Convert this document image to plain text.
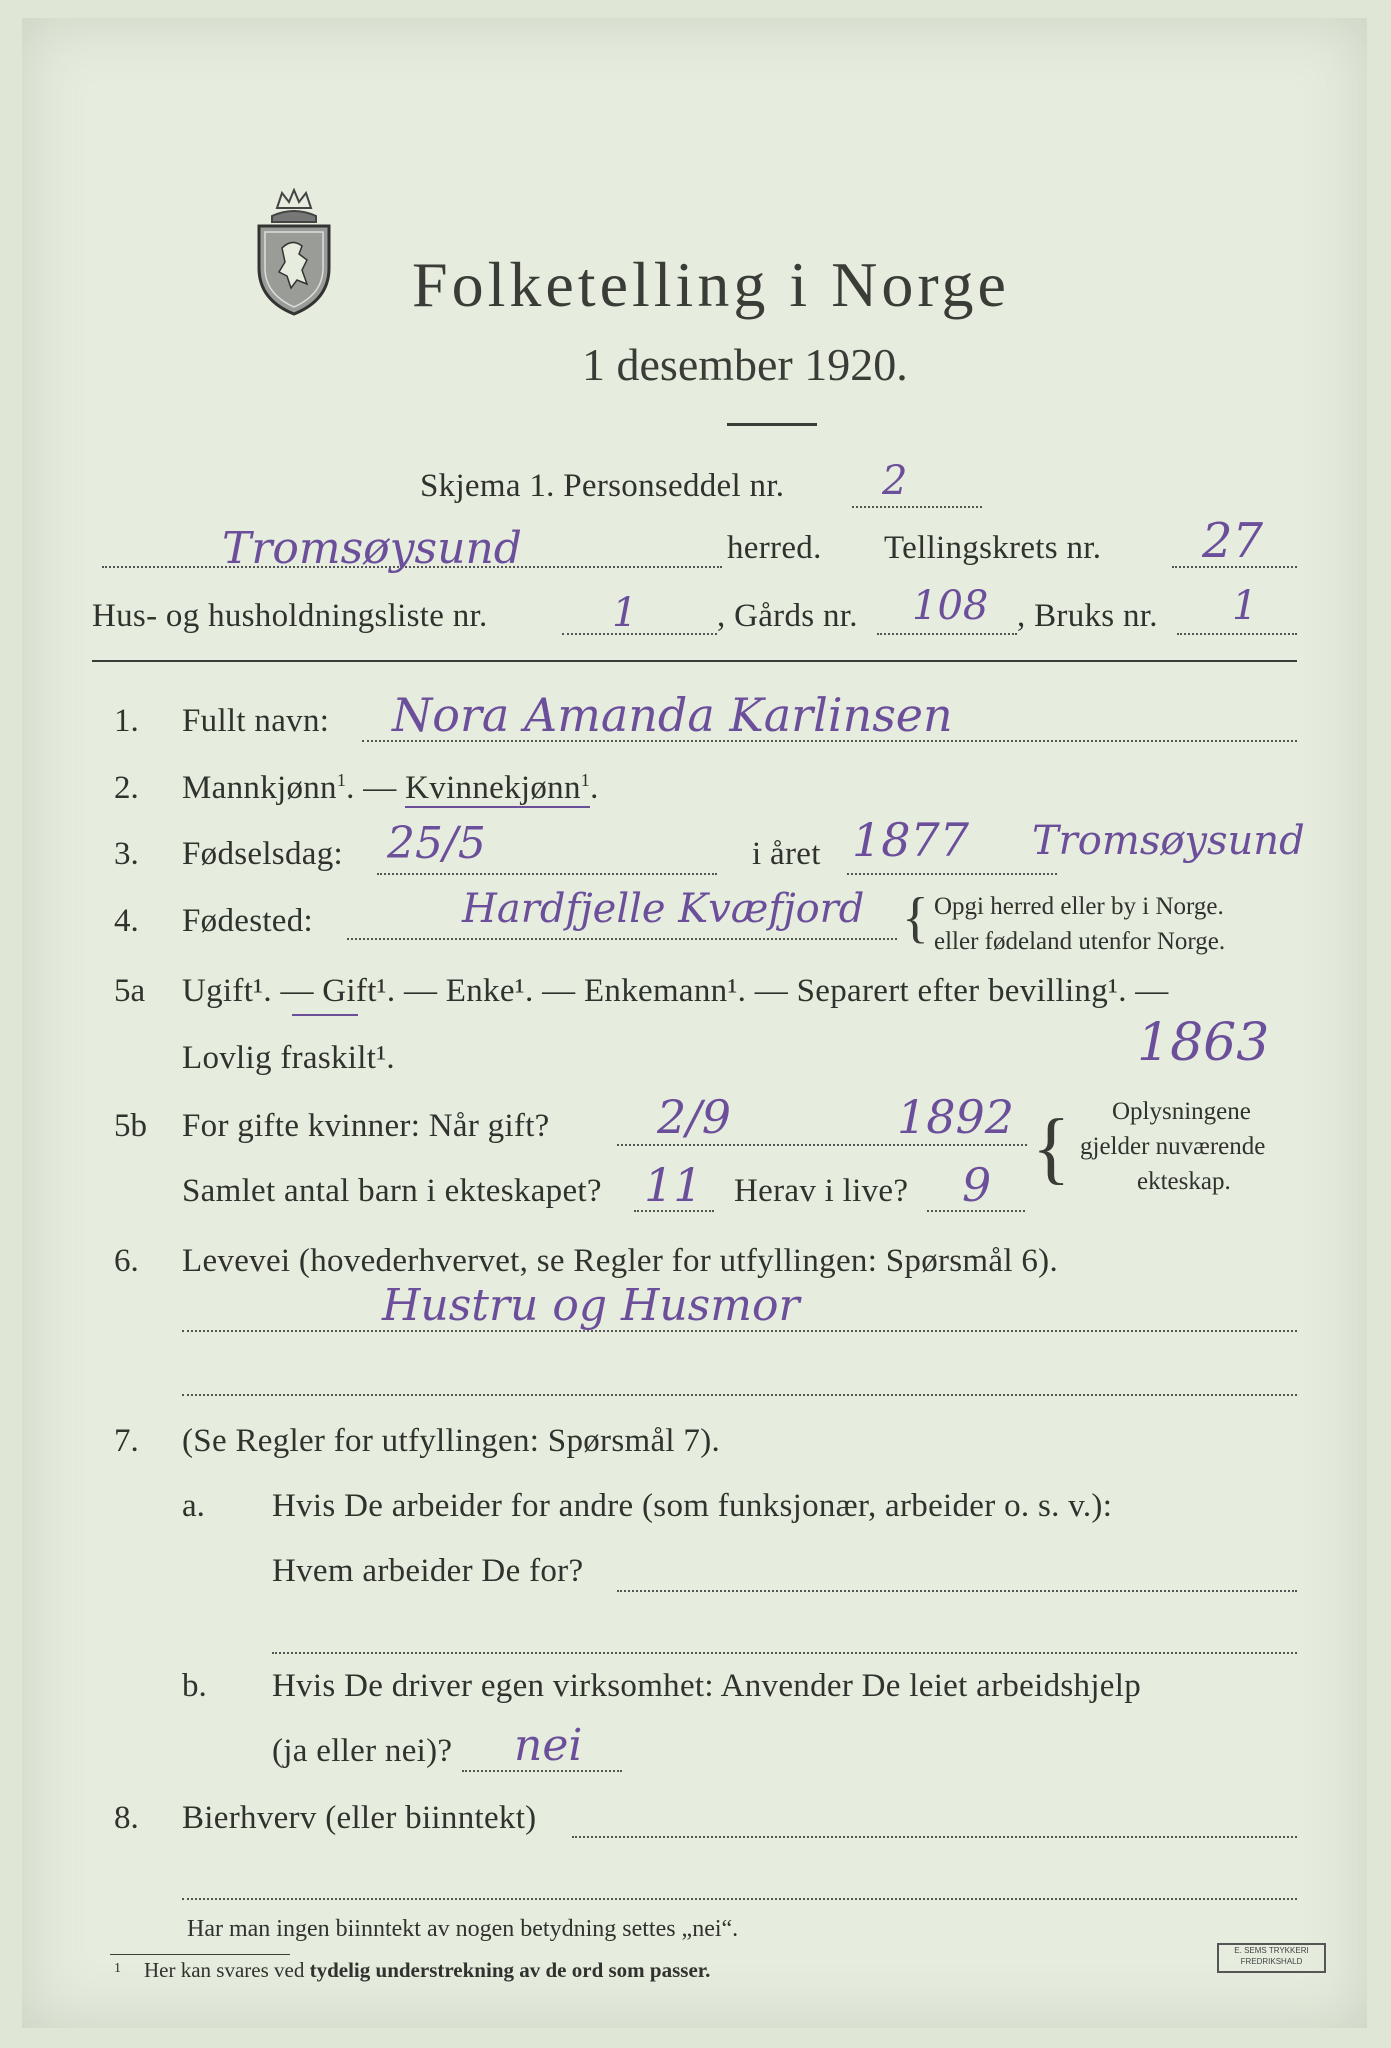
Folketelling i Norge
1 desember 1920.
Skjema 1. Personseddel nr. 2
Tromsøysund	herred. Tellingskrets nr. 27
Hus- og husholdningsliste nr.	1 , Gårds nr. 108 , Bruks nr. 1
1. Fullt navn: Nora Amanda Karlinsen
2. Mannkjønn$^1$. — Kvinnekjønn$^1$.
3. Fødselsdag: 25/5	i året 1877 Tromsøysund
4. Fødested:	Hardfjelle Kvæfjord { Opgi herred eller by i Norge.
eller fødeland utenfor Norge.
5a Ugift¹. — Gift¹. — Enke¹. — Enkemann¹. — Separert efter bevilling¹. —
1863
Lovlig fraskilt¹.
5b For gifte kvinner: Når gift? 2/9	1892 { Oplysningene
gjelder nuværende
ekteskap.
Samlet antal barn i ekteskapet? 11 Herav i live? 9
6. Levevei (hovederhvervet, se Regler for utfyllingen: Spørsmål 6).
Hustru og Husmor
7. (Se Regler for utfyllingen: Spørsmål 7).
a. Hvis De arbeider for andre (som funksjonær, arbeider o. s. v.):
Hvem arbeider De for?
b. Hvis De driver egen virksomhet: Anvender De leiet arbeidshjelp
(ja eller nei)? nei
8. Bierhverv (eller biinntekt)
Har man ingen biinntekt av nogen betydning settes „nei“.
1 Her kan svares ved tydelig understrekning av de ord som passer.
E. SEMS TRYKKERI FREDRIKSHALD
